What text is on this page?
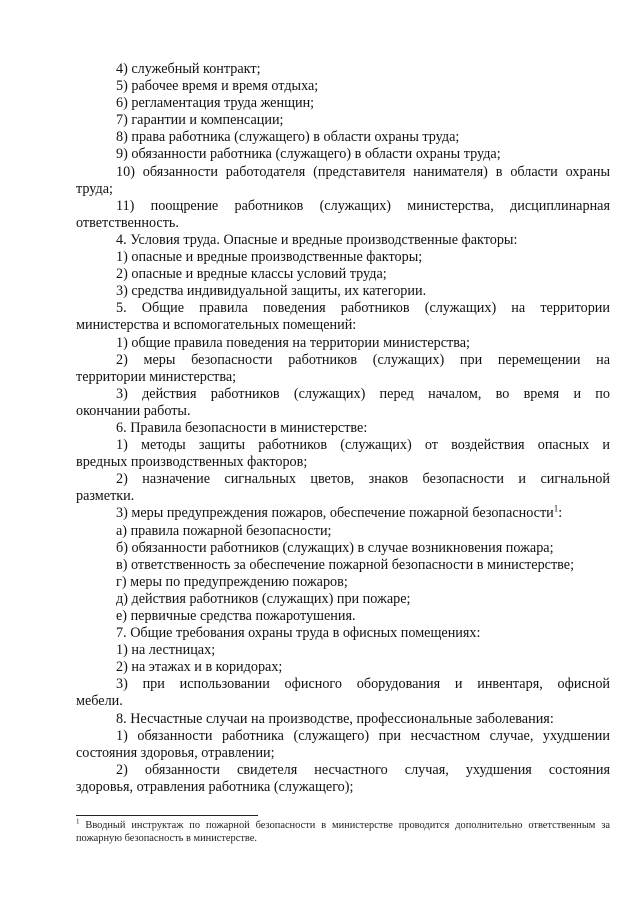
4) служебный контракт;

5) рабочее время и время отдыха;

6) регламентация труда женщин;

7) гарантии и компенсации;

8) права работника (служащего) в области охраны труда;

9) обязанности работника (служащего) в области охраны труда;

10) обязанности работодателя (представителя нанимателя) в области охраны

труда;

11) поощрение работников (служащих) министерства, дисциплинарная

ответственность.

4. Условия труда. Опасные и вредные производственные факторы:

1) опасные и вредные производственные факторы;

2) опасные и вредные классы условий труда;

3) средства индивидуальной защиты, их категории.

5. Общие правила поведения работников (служащих) на территории

министерства и вспомогательных помещений:

1) общие правила поведения на территории министерства;

2) меры безопасности работников (служащих) при перемещении на

территории министерства;

3) действия работников (служащих) перед началом, во время и по

окончании работы.

6. Правила безопасности в министерстве:

1) методы защиты работников (служащих) от воздействия опасных и

вредных производственных факторов;

2) назначение сигнальных цветов, знаков безопасности и сигнальной

разметки.

3) меры предупреждения пожаров, обеспечение пожарной безопасности$^1$:

а) правила пожарной безопасности;

б) обязанности работников (служащих) в случае возникновения пожара;

в) ответственность за обеспечение пожарной безопасности в министерстве;

г) меры по предупреждению пожаров;

д) действия работников (служащих) при пожаре;

е) первичные средства пожаротушения.

7. Общие требования охраны труда в офисных помещениях:

1) на лестницах;

2) на этажах и в коридорах;

3) при использовании офисного оборудования и инвентаря, офисной

мебели.

8. Несчастные случаи на производстве, профессиональные заболевания:

1) обязанности работника (служащего) при несчастном случае, ухудшении

состояния здоровья, отравлении;

2) обязанности свидетеля несчастного случая, ухудшения состояния

здоровья, отравления работника (служащего);

$^1$ Вводный инструктаж по пожарной безопасности в министерстве проводится дополнительно ответственным за пожарную безопасность в министерстве.
